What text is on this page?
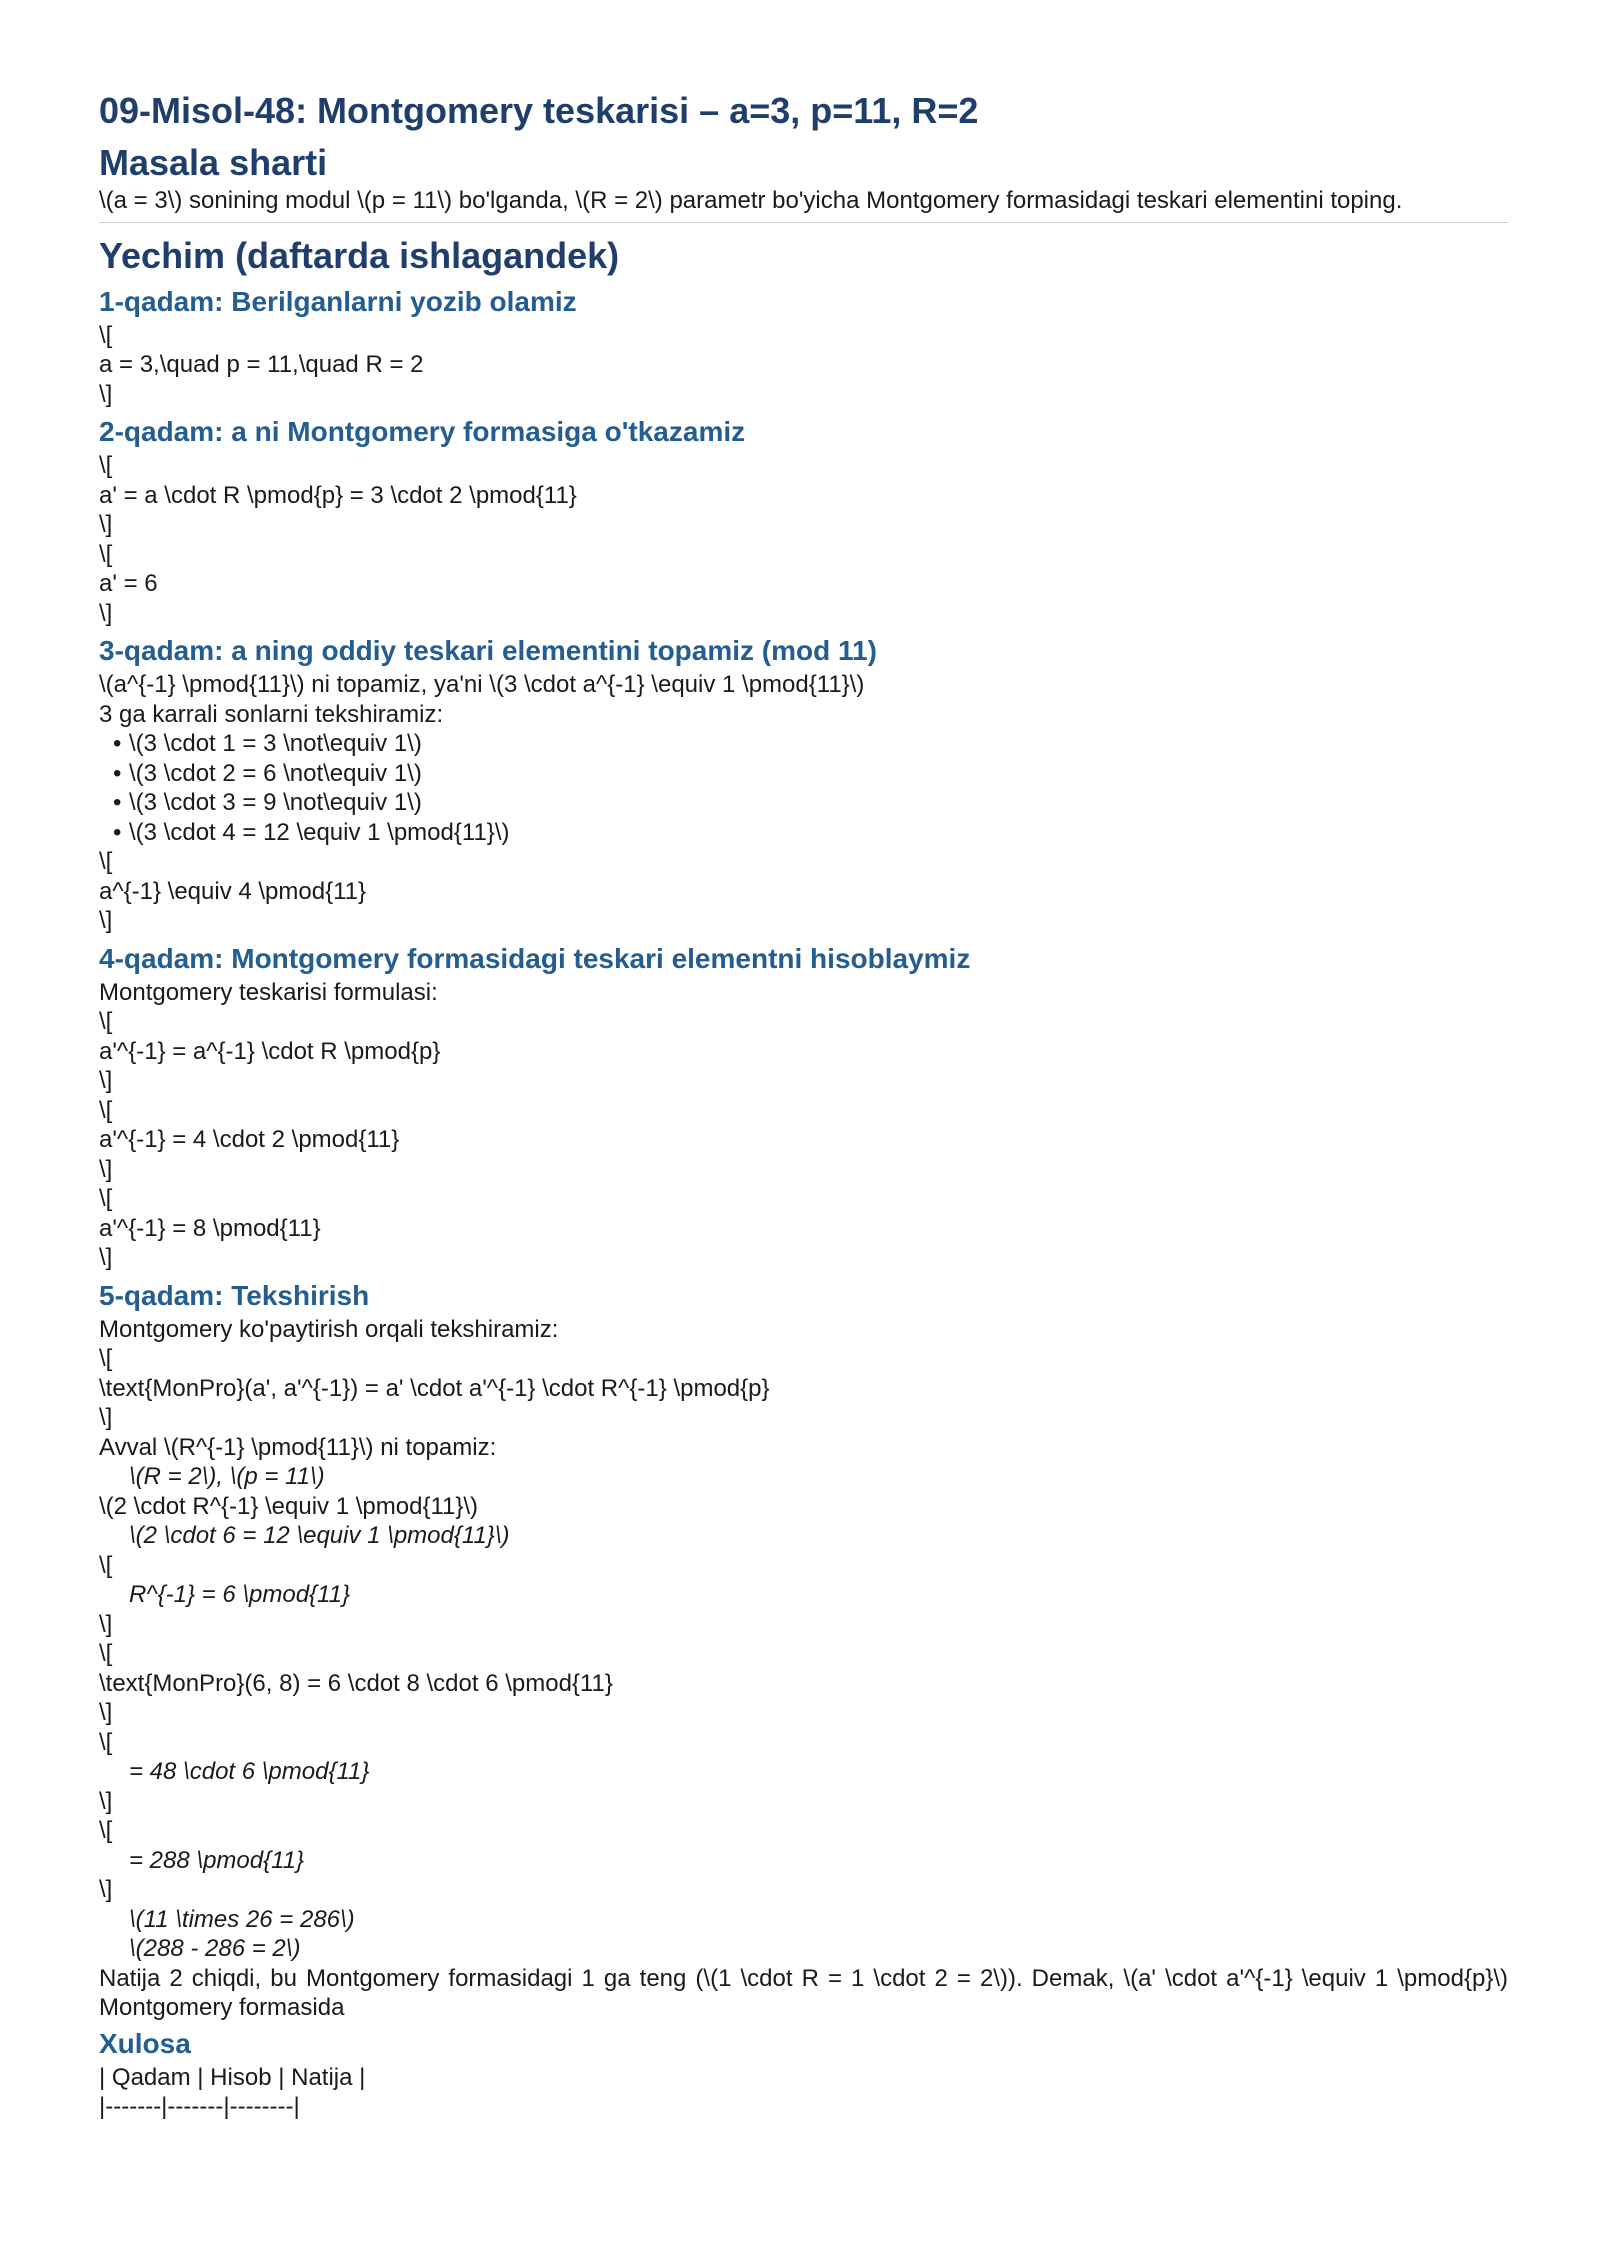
09-Misol-48: Montgomery teskarisi – a=3, p=11, R=2
Masala sharti

\(a = 3\) sonining modul \(p = 11\) bo'lganda, \(R = 2\) parametr bo'yicha Montgomery formasidagi teskari elementini toping.

Yechim (daftarda ishlagandek)
1-qadam: Berilganlarni yozib olamiz

\[

a = 3,\quad p = 11,\quad R = 2

\]

2-qadam: a ni Montgomery formasiga o'tkazamiz

\[

a' = a \cdot R \pmod{p} = 3 \cdot 2 \pmod{11}

\]

\[

a' = 6

\]

3-qadam: a ning oddiy teskari elementini topamiz (mod 11)

\(a^{-1} \pmod{11}\) ni topamiz, ya'ni \(3 \cdot a^{-1} \equiv 1 \pmod{11}\)

3 ga karrali sonlarni tekshiramiz:

• \(3 \cdot 1 = 3 \not\equiv 1\)

• \(3 \cdot 2 = 6 \not\equiv 1\)

• \(3 \cdot 3 = 9 \not\equiv 1\)

• \(3 \cdot 4 = 12 \equiv 1 \pmod{11}\)

\[

a^{-1} \equiv 4 \pmod{11}

\]

4-qadam: Montgomery formasidagi teskari elementni hisoblaymiz

Montgomery teskarisi formulasi:

\[

a'^{-1} = a^{-1} \cdot R \pmod{p}

\]

\[

a'^{-1} = 4 \cdot 2 \pmod{11}

\]

\[

a'^{-1} = 8 \pmod{11}

\]

5-qadam: Tekshirish

Montgomery ko'paytirish orqali tekshiramiz:

\[

\text{MonPro}(a', a'^{-1}) = a' \cdot a'^{-1} \cdot R^{-1} \pmod{p}

\]

Avval \(R^{-1} \pmod{11}\) ni topamiz:

\(R = 2\), \(p = 11\)

\(2 \cdot R^{-1} \equiv 1 \pmod{11}\)

\(2 \cdot 6 = 12 \equiv 1 \pmod{11}\)

\[

R^{-1} = 6 \pmod{11}

\]

\[

\text{MonPro}(6, 8) = 6 \cdot 8 \cdot 6 \pmod{11}

\]

\[

= 48 \cdot 6 \pmod{11}

\]

\[

= 288 \pmod{11}

\]

\(11 \times 26 = 286\)

\(288 - 286 = 2\)

Natija 2 chiqdi, bu Montgomery formasidagi 1 ga teng (\(1 \cdot R = 1 \cdot 2 = 2\)). Demak, \(a' \cdot a'^{-1} \equiv 1 \pmod{p}\) Montgomery formasida

Xulosa

| Qadam | Hisob | Natija |

|-------|-------|--------|
